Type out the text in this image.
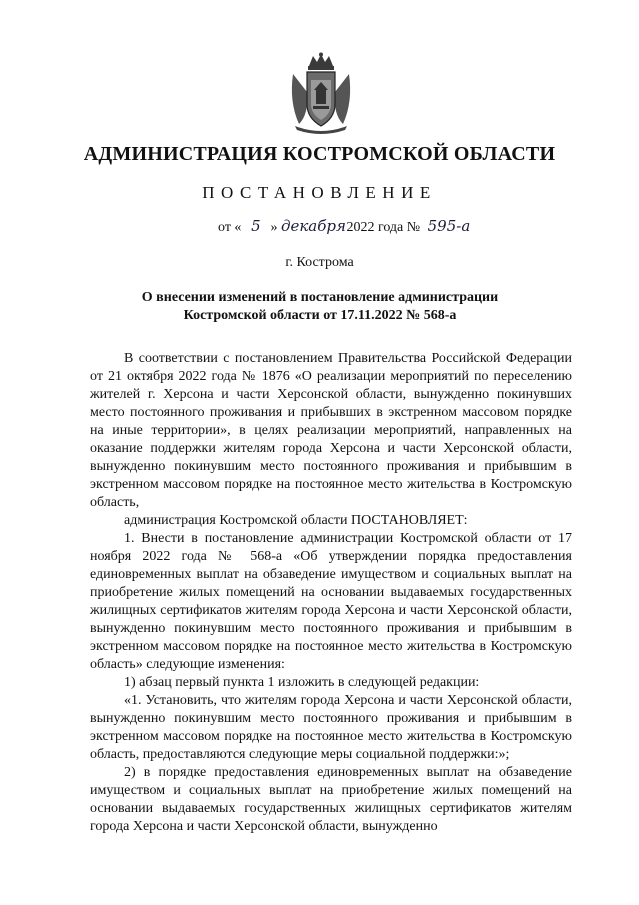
АДМИНИСТРАЦИЯ КОСТРОМСКОЙ ОБЛАСТИ
ПОСТАНОВЛЕНИЕ
от « 5 » декабря 2022 года № 595-а
г. Кострома
О внесении изменений в постановление администрации
Костромской области от 17.11.2022 № 568-а

В соответствии с постановлением Правительства Российской Федерации от 21 октября 2022 года № 1876 «О реализации мероприятий по переселению жителей г. Херсона и части Херсонской области, вынужденно покинувших место постоянного проживания и прибывших в экстренном массовом порядке на иные территории», в целях реализации мероприятий, направленных на оказание поддержки жителям города Херсона и части Херсонской области, вынужденно покинувшим место постоянного проживания и прибывшим в экстренном массовом порядке на постоянное место жительства в Костромскую область,

администрация Костромской области ПОСТАНОВЛЯЕТ:

1. Внести в постановление администрации Костромской области от 17 ноября 2022 года № 568-а «Об утверждении порядка предоставления единовременных выплат на обзаведение имуществом и социальных выплат на приобретение жилых помещений на основании выдаваемых государственных жилищных сертификатов жителям города Херсона и части Херсонской области, вынужденно покинувшим место постоянного проживания и прибывшим в экстренном массовом порядке на постоянное место жительства в Костромскую область» следующие изменения:

1) абзац первый пункта 1 изложить в следующей редакции:

«1. Установить, что жителям города Херсона и части Херсонской области, вынужденно покинувшим место постоянного проживания и прибывшим в экстренном массовом порядке на постоянное место жительства в Костромскую область, предоставляются следующие меры социальной поддержки:»;

2) в порядке предоставления единовременных выплат на обзаведение имуществом и социальных выплат на приобретение жилых помещений на основании выдаваемых государственных жилищных сертификатов жителям города Херсона и части Херсонской области, вынужденно
